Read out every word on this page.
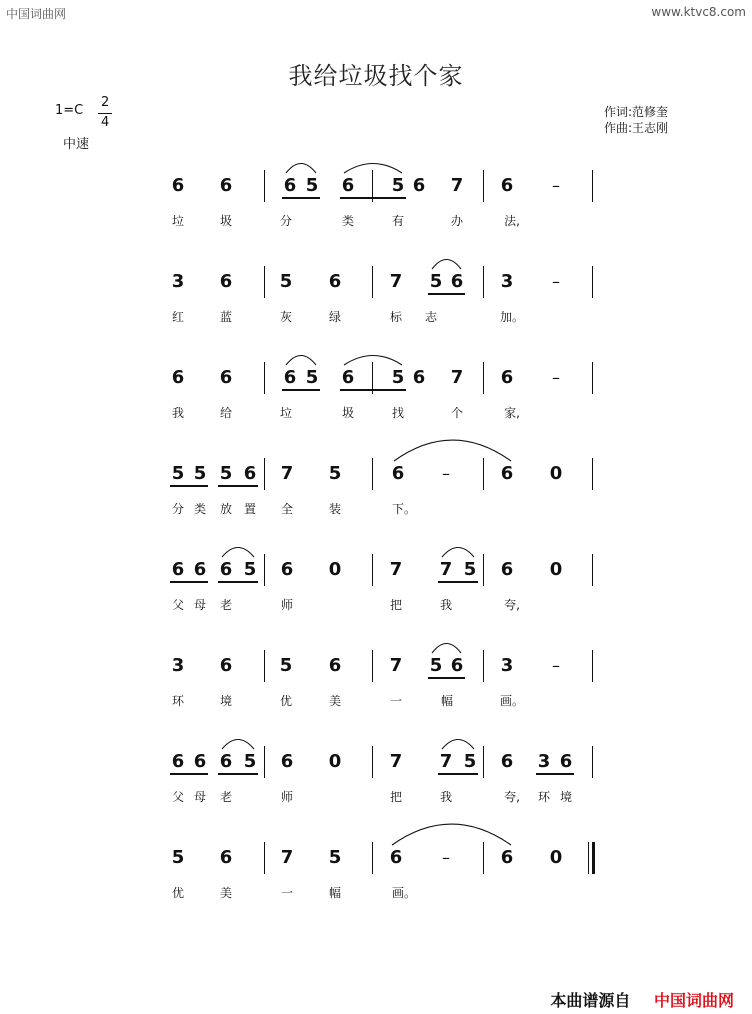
中国词曲网	www.ktvc8.com
我给垃圾找个家
1=C
2
4
中速
作词:范修奎
作曲:王志刚
6 6	6 5 6 5 6 7 6 –
垃	圾	分	类	有	办	法,
3 6	5 6	7 5 6 3 –
红	蓝	灰	绿	标 志	加。
6 6	6 5 6 5 6 7 6 –
我	给	垃	圾	找	个	家,
5 5 5 6 7 5	6 –	6 0
分 类 放 置 全	装	下。
6 6 6 5 6 0	7 7 5 6 0
父 母 老	师	把	我	夸,
3 6	5 6	7 5 6 3 –
环	境	优	美	一	幅	画。
6 6 6 5 6 0	7 7 5 6 3 6
父 母 老	师	把	我	夸,	环 境
5 6	7 5	6 –	6 0
优	美	一	幅	画。
本曲谱源自 中国词曲网
